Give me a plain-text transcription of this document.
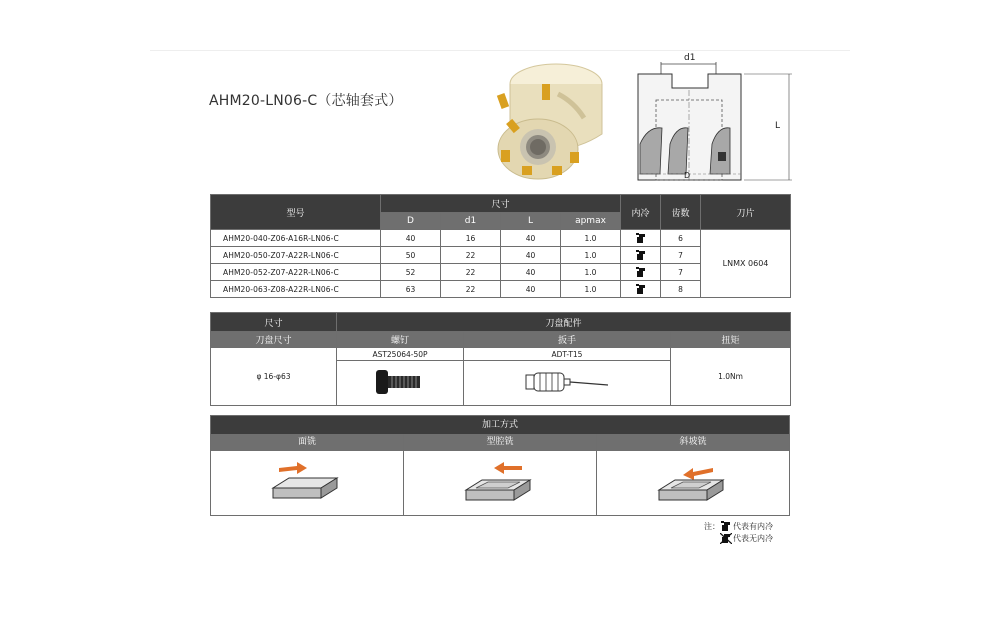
AHM20-LN06-C（芯轴套式）
d1
L
D
型号	尺寸				内冷	齿数	刀片
	D	d1	L	apmax			
AHM20-040-Z06-A16R-LN06-C	40	16	40	1.0		6	LNMX 0604
AHM20-050-Z07-A22R-LN06-C	50	22	40	1.0		7	
AHM20-052-Z07-A22R-LN06-C	52	22	40	1.0		7	
AHM20-063-Z08-A22R-LN06-C	63	22	40	1.0		8	
尺寸	刀盘配件		
刀盘尺寸	螺钉	扳手	扭矩
φ 16-φ63	AST25064-50P	ADT-T15	1.0Nm

加工方式
面铣	型腔铣	斜坡铣
注： 代表有内冷
代表无内冷
